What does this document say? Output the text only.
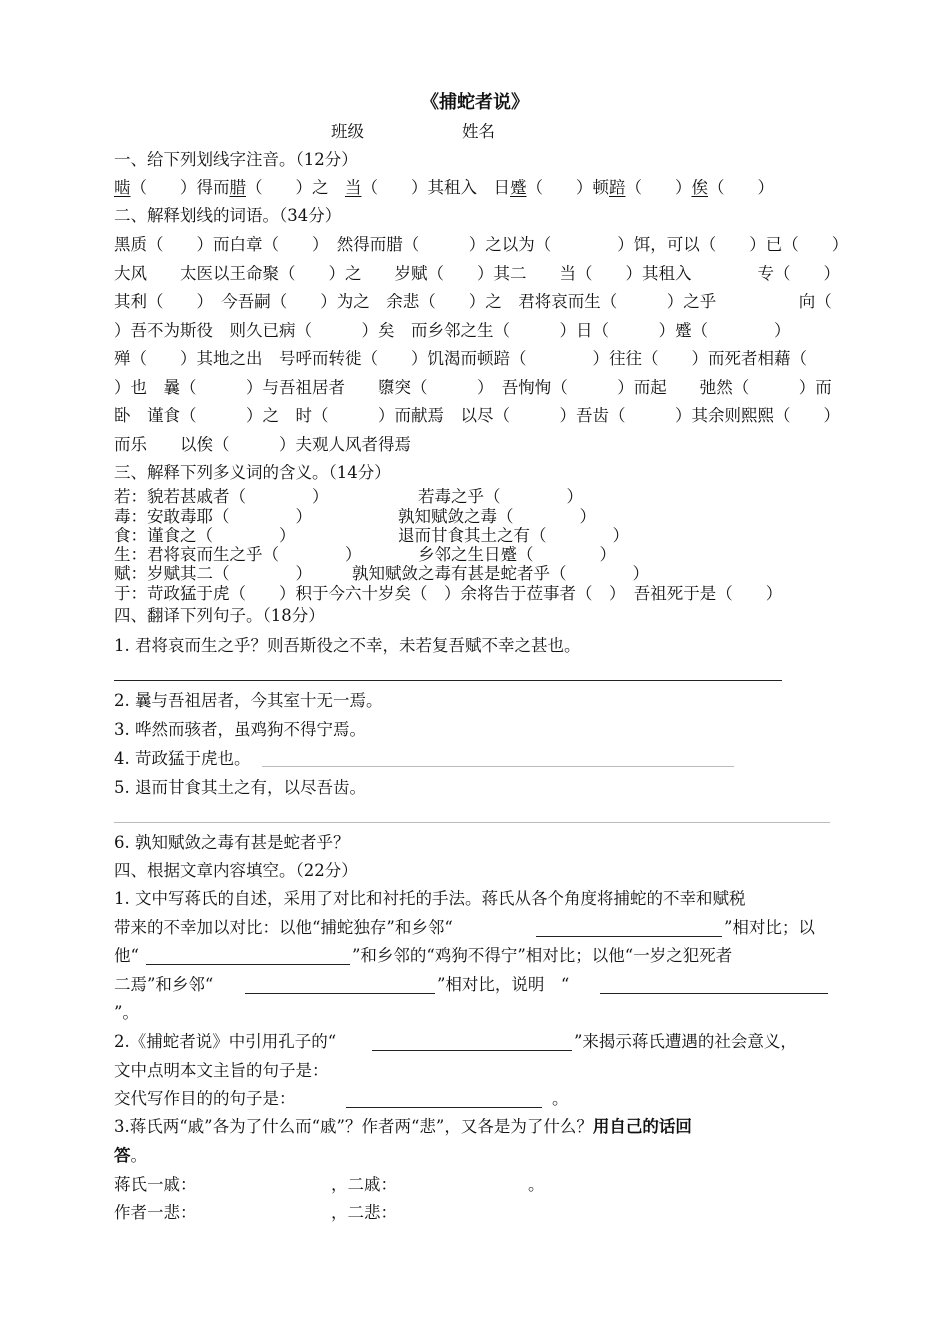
《捕蛇者说》
班级	姓名
一、给下列划线字注音。（12分）
啮（　　）得而腊（　　）之　当（　　）其租入　日蹙（　　）顿踣（　　）俟（　　）
二、解释划线的词语。（34分）
黑质（　　）而白章（　　）　然得而腊（　　　）之以为（　　　　）饵，可以（　　）已（　　）
大风　　太医以王命聚（　　）之　　岁赋（　　）其二　　当（　　）其租入　　　　专（　　）
其利（　　）　今吾嗣（　　）为之　余悲（　　）之　君将哀而生（　　　）之乎　　　　　向（
）吾不为斯役　则久已病（　　　）矣　而乡邻之生（　　　）日（　　　）蹙（　　　　）
殚（　　）其地之出　号呼而转徙（　　）饥渴而顿踣（　　　　）往往（　　）而死者相藉（
）也　曩（　　　）与吾祖居者　　隳突（　　　）　吾恂恂（　　　）而起　　弛然（　　　）而
卧　谨食（　　　）之　时（　　　）而献焉　以尽（　　　）吾齿（　　　）其余则熙熙（　　）
而乐　　以俟（　　　）夫观人风者得焉
三、解释下列多义词的含义。（14分）
若：貌若甚戚者（　　　　）	若毒之乎（　　　　）
毒：安敢毒耶（　　　　）	孰知赋敛之毒（　　　　）
食：谨食之（　　　　）	退而甘食其土之有（　　　　）
生：君将哀而生之乎（　　　　）	乡邻之生日蹙（　　　　）
赋：岁赋其二（　　　　） 孰知赋敛之毒有甚是蛇者乎（　　　　）
于：苛政猛于虎（　　）积于今六十岁矣（　）余将告于莅事者（　）　吾祖死于是（　　）
四、翻译下列句子。（18分）
1. 君将哀而生之乎？则吾斯役之不幸，未若复吾赋不幸之甚也。
2. 曩与吾祖居者，今其室十无一焉。
3. 哗然而骇者，虽鸡狗不得宁焉。
4. 苛政猛于虎也。
5. 退而甘食其土之有，以尽吾齿。
6. 孰知赋敛之毒有甚是蛇者乎？
四、根据文章内容填空。（22分）
1. 文中写蒋氏的自述，采用了对比和衬托的手法。蒋氏从各个角度将捕蛇的不幸和赋税
带来的不幸加以对比：以他“捕蛇独存”和乡邻“	”相对比；以
他“	”和乡邻的“鸡狗不得宁”相对比；以他“一岁之犯死者
二焉”和乡邻“	”相对比，说明　“
”。
2.《捕蛇者说》中引用孔子的“	”来揭示蒋氏遭遇的社会意义，
文中点明本文主旨的句子是：
交代写作目的的句子是：	。
3.蒋氏两“戚”各为了什么而“戚”？作者两“悲”，又各是为了什么？用自己的话回
答。
蒋氏一戚：	，二戚：	。
作者一悲：	，二悲：
